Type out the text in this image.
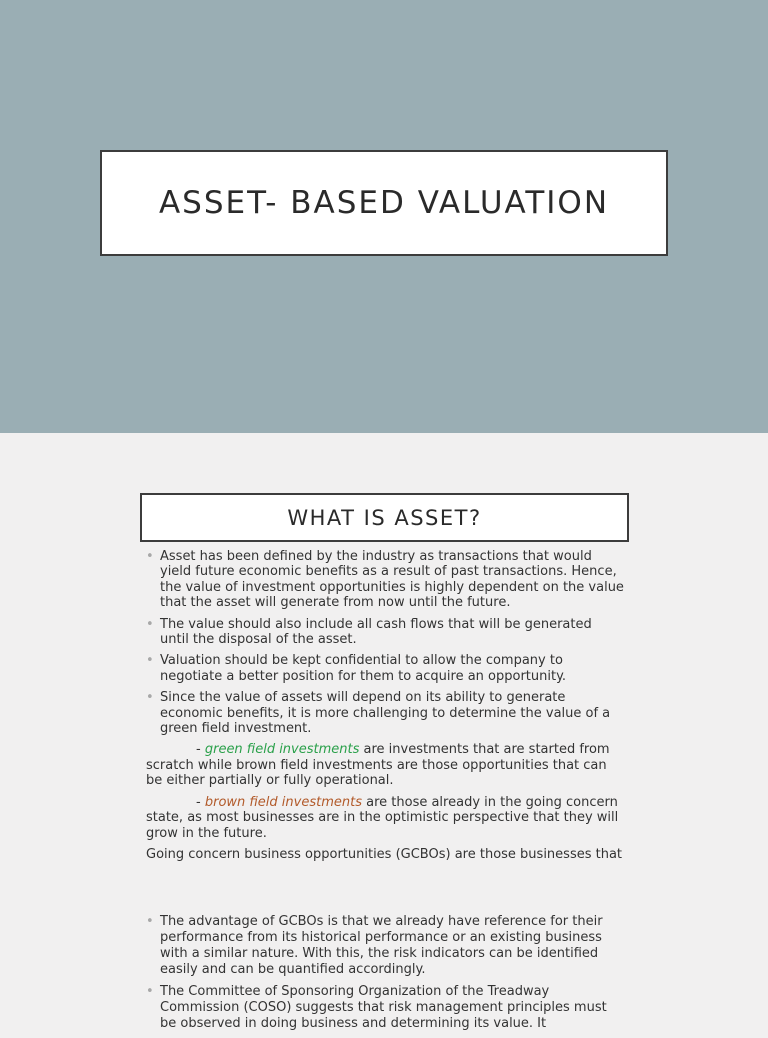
ASSET- BASED VALUATION
WHAT IS ASSET?
• Asset has been defined by the industry as transactions that would yield future economic benefits as a result of past transactions. Hence, the value of investment opportunities is highly dependent on the value that the asset will generate from now until the future.
• The value should also include all cash flows that will be generated until the disposal of the asset.
• Valuation should be kept confidential to allow the company to negotiate a better position for them to acquire an opportunity.
• Since the value of assets will depend on its ability to generate economic benefits, it is more challenging to determine the value of a green field investment.
- green field investments are investments that are started from scratch while brown field investments are those opportunities that can be either partially or fully operational.
- brown field investments are those already in the going concern state, as most businesses are in the optimistic perspective that they will grow in the future.
Going concern business opportunities (GCBOs) are those businesses that
• The advantage of GCBOs is that we already have reference for their performance from its historical performance or an existing business with a similar nature. With this, the risk indicators can be identified easily and can be quantified accordingly.
• The Committee of Sponsoring Organization of the Treadway Commission (COSO) suggests that risk management principles must be observed in doing business and determining its value. It
